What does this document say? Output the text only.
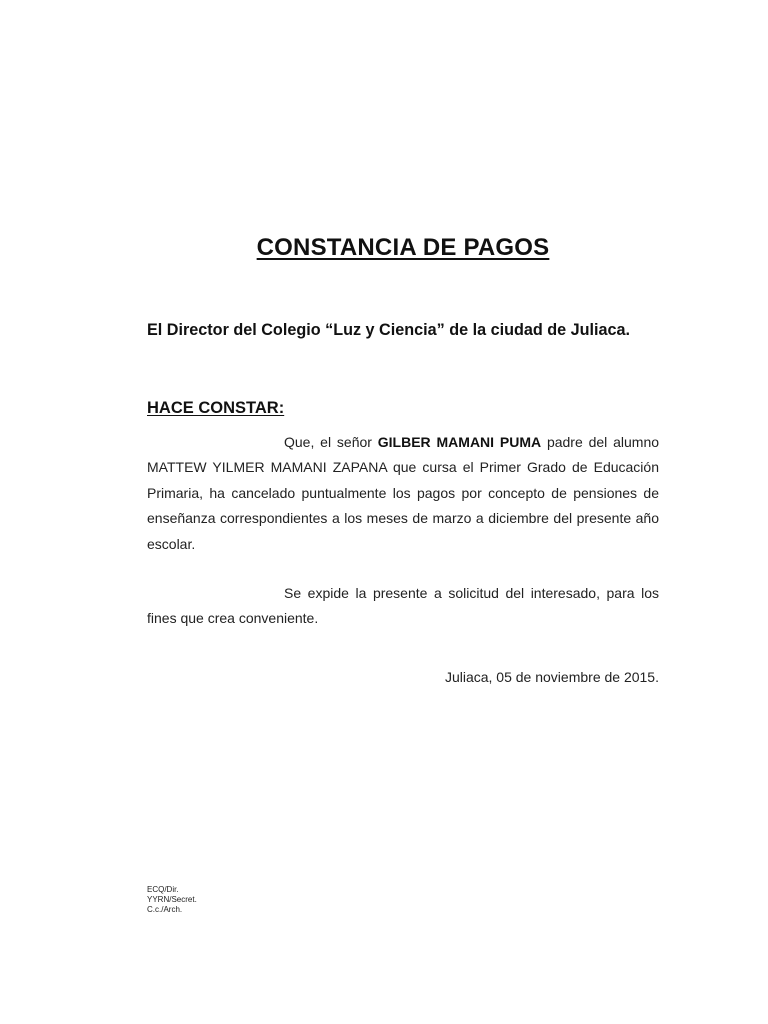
CONSTANCIA DE PAGOS
El Director del Colegio “Luz y Ciencia” de la ciudad de Juliaca.
HACE CONSTAR:
Que, el señor GILBER MAMANI PUMA padre del alumno MATTEW YILMER MAMANI ZAPANA que cursa el Primer Grado de Educación Primaria, ha cancelado puntualmente los pagos por concepto de pensiones de enseñanza correspondientes a los meses de marzo a diciembre del presente año escolar.
Se expide la presente a solicitud del interesado, para los fines que crea conveniente.
Juliaca, 05 de noviembre de 2015.
ECQ/Dir.
YYRN/Secret.
C.c./Arch.
